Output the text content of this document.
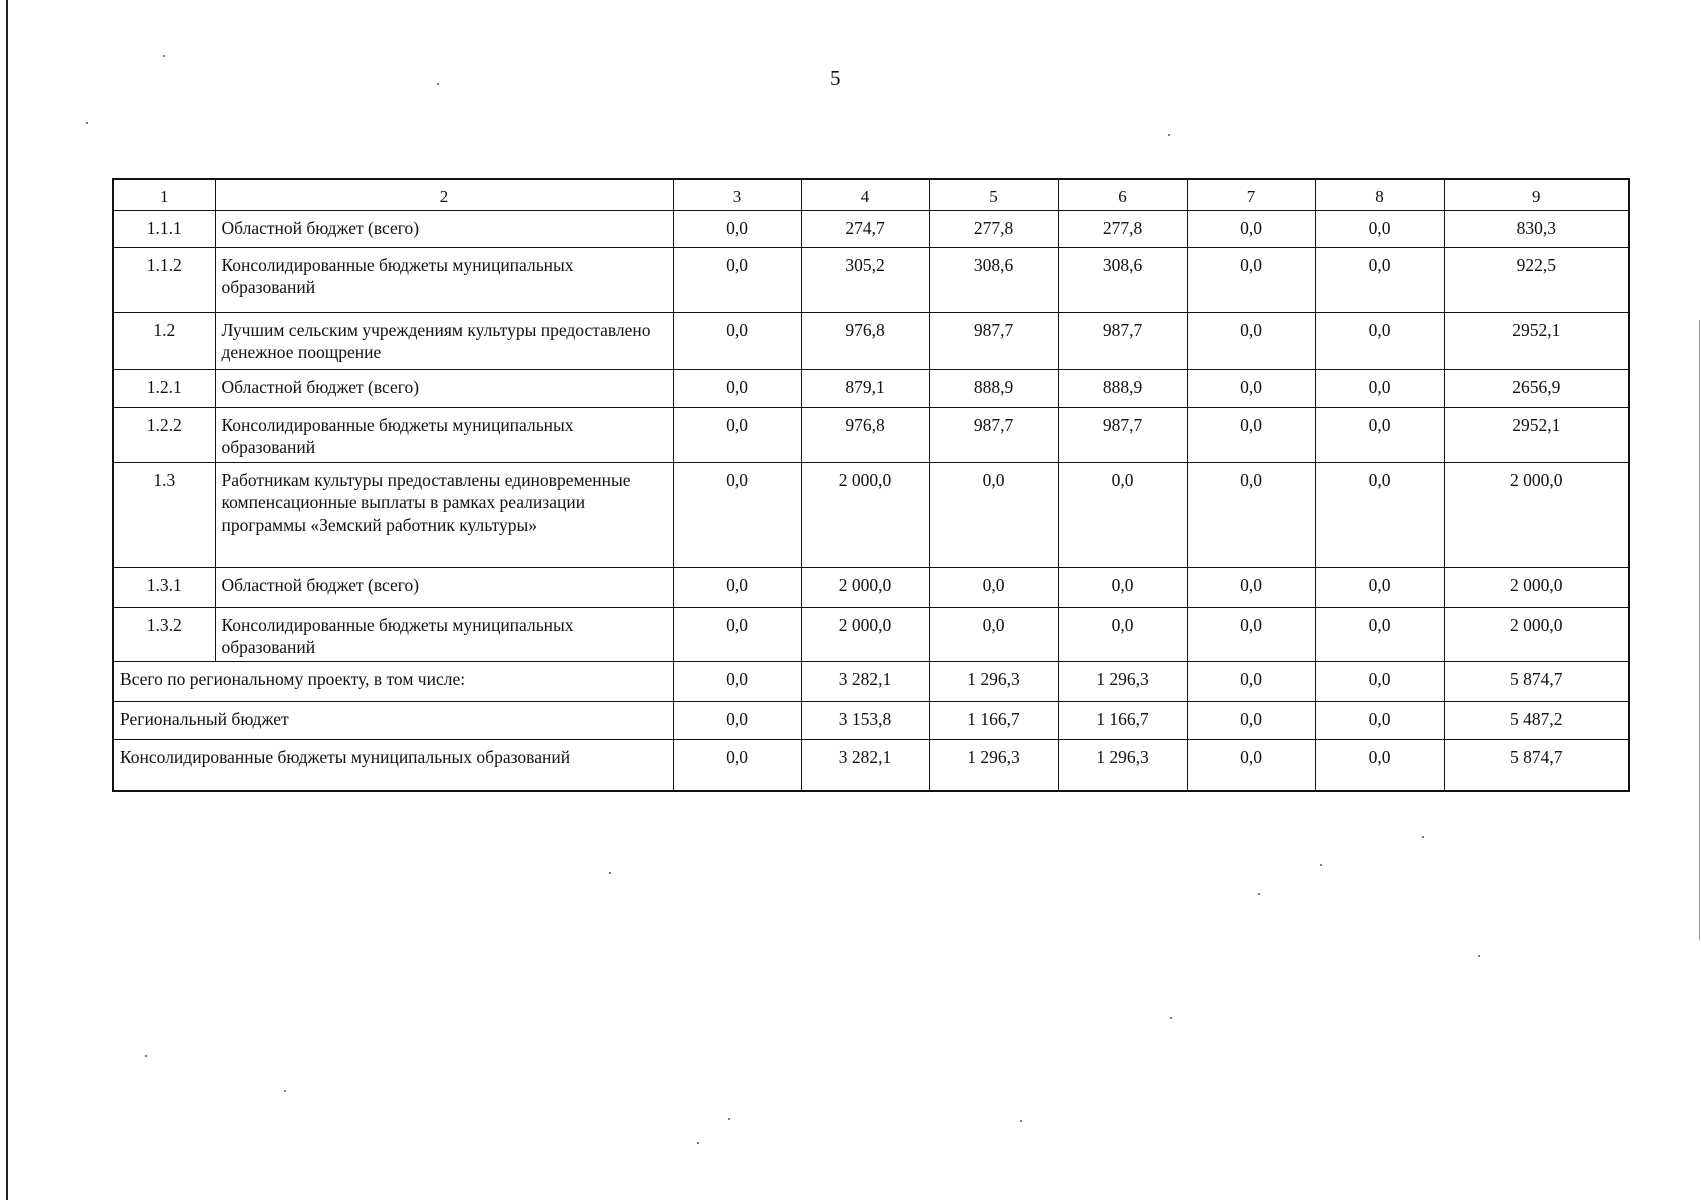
5
1	2	3	4	5	6	7	8	9
1.1.1	Областной бюджет (всего)	0,0	274,7	277,8	277,8	0,0	0,0	830,3
1.1.2	Консолидированные бюджеты муниципальных образований	0,0	305,2	308,6	308,6	0,0	0,0	922,5
1.2	Лучшим сельским учреждениям культуры предоставлено денежное поощрение	0,0	976,8	987,7	987,7	0,0	0,0	2952,1
1.2.1	Областной бюджет (всего)	0,0	879,1	888,9	888,9	0,0	0,0	2656,9
1.2.2	Консолидированные бюджеты муниципальных образований	0,0	976,8	987,7	987,7	0,0	0,0	2952,1
1.3	Работникам культуры предоставлены единовременные компенсационные выплаты в рамках реализации программы «Земский работник культуры»	0,0	2 000,0	0,0	0,0	0,0	0,0	2 000,0
1.3.1	Областной бюджет (всего)	0,0	2 000,0	0,0	0,0	0,0	0,0	2 000,0
1.3.2	Консолидированные бюджеты муниципальных образований	0,0	2 000,0	0,0	0,0	0,0	0,0	2 000,0
Всего по региональному проекту, в том числе:		0,0	3 282,1	1 296,3	1 296,3	0,0	0,0	5 874,7
Региональный бюджет		0,0	3 153,8	1 166,7	1 166,7	0,0	0,0	5 487,2
Консолидированные бюджеты муниципальных образований		0,0	3 282,1	1 296,3	1 296,3	0,0	0,0	5 874,7
